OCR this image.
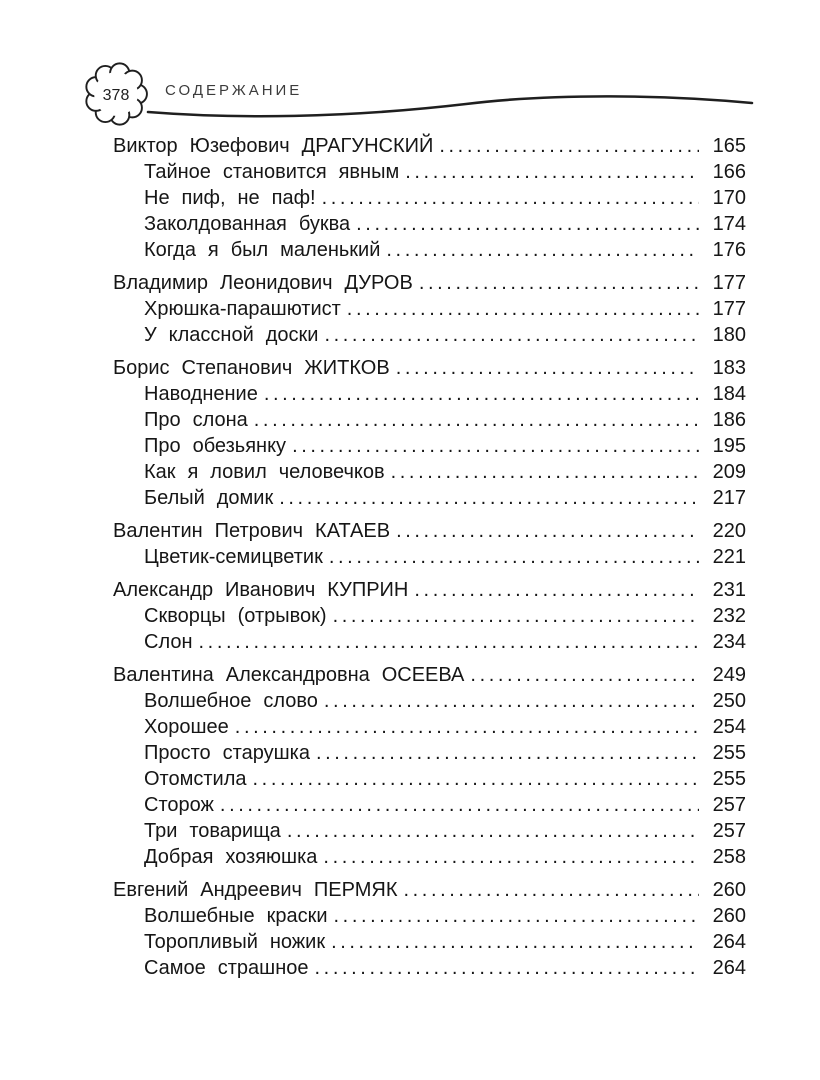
378 СОДЕРЖАНИЕ
Виктор Юзефович ДРАГУНСКИЙ .....	165
Тайное становится явным .....	166
Не пиф, не паф! .....	170
Заколдованная буква .....	174
Когда я был маленький .....	176
Владимир Леонидович ДУРОВ .....	177
Хрюшка-парашютист .....	177
У классной доски .....	180
Борис Степанович ЖИТКОВ .....	183
Наводнение .....	184
Про слона .....	186
Про обезьянку .....	195
Как я ловил человечков .....	209
Белый домик .....	217
Валентин Петрович КАТАЕВ .....	220
Цветик-семицветик .....	221
Александр Иванович КУПРИН .....	231
Скворцы (отрывок) .....	232
Слон .....	234
Валентина Александровна ОСЕЕВА .....	249
Волшебное слово .....	250
Хорошее .....	254
Просто старушка .....	255
Отомстила .....	255
Сторож .....	257
Три товарища .....	257
Добрая хозяюшка .....	258
Евгений Андреевич ПЕРМЯК .....	260
Волшебные краски .....	260
Торопливый ножик .....	264
Самое страшное .....	264
